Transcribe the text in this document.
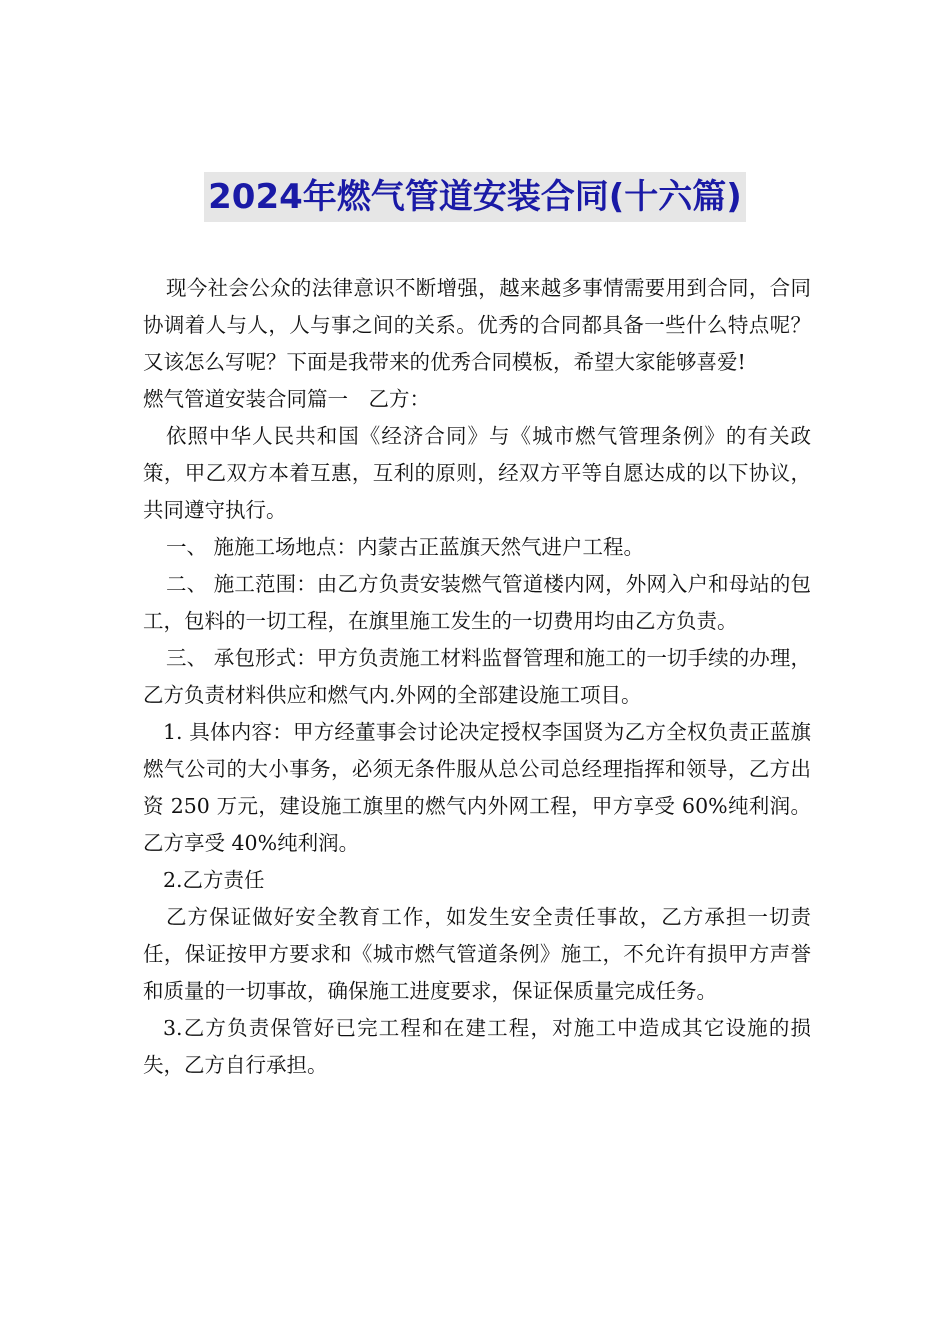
2024年燃气管道安装合同(十六篇)

现今社会公众的法律意识不断增强，越来越多事情需要用到合同，合同协调着人与人，人与事之间的关系。优秀的合同都具备一些什么特点呢？又该怎么写呢？下面是我带来的优秀合同模板，希望大家能够喜爱!

燃气管道安装合同篇一　乙方：

依照中华人民共和国《经济合同》与《城市燃气管理条例》的有关政策，甲乙双方本着互惠，互利的原则，经双方平等自愿达成的以下协议，共同遵守执行。

一、 施施工场地点：内蒙古正蓝旗天然气进户工程。

二、 施工范围：由乙方负责安装燃气管道楼内网，外网入户和母站的包工，包料的一切工程，在旗里施工发生的一切费用均由乙方负责。

三、 承包形式：甲方负责施工材料监督管理和施工的一切手续的办理，乙方负责材料供应和燃气内.外网的全部建设施工项目。

1. 具体内容：甲方经董事会讨论决定授权李国贤为乙方全权负责正蓝旗燃气公司的大小事务，必须无条件服从总公司总经理指挥和领导，乙方出资 250 万元，建设施工旗里的燃气内外网工程，甲方享受 60%纯利润。乙方享受 40%纯利润。

2.乙方责任

乙方保证做好安全教育工作，如发生安全责任事故，乙方承担一切责任，保证按甲方要求和《城市燃气管道条例》施工，不允许有损甲方声誉和质量的一切事故，确保施工进度要求，保证保质量完成任务。

3.乙方负责保管好已完工程和在建工程，对施工中造成其它设施的损失，乙方自行承担。
